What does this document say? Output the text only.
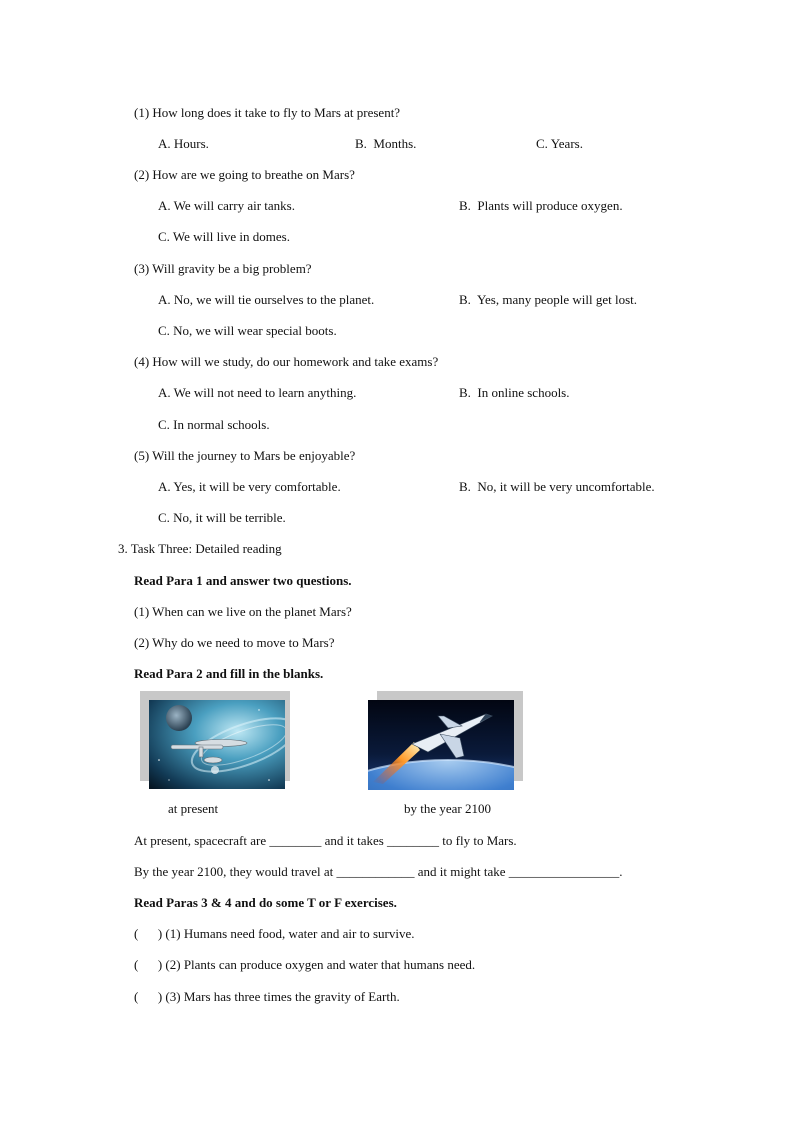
(1) How long does it take to fly to Mars at present?
A. Hours.	B.  Months.	C. Years.
(2) How are we going to breathe on Mars?
A. We will carry air tanks.	B.  Plants will produce oxygen.
C. We will live in domes.
(3) Will gravity be a big problem?
A. No, we will tie ourselves to the planet.	B.  Yes, many people will get lost.
C. No, we will wear special boots.
(4) How will we study, do our homework and take exams?
A. We will not need to learn anything.	B.  In online schools.
C. In normal schools.
(5) Will the journey to Mars be enjoyable?
A. Yes, it will be very comfortable.	B.  No, it will be very uncomfortable.
C. No, it will be terrible.
3. Task Three: Detailed reading
Read Para 1 and answer two questions.
(1) When can we live on the planet Mars?
(2) Why do we need to move to Mars?
Read Para 2 and fill in the blanks.
at present	by the year 2100
At present, spacecraft are ________ and it takes ________ to fly to Mars.
By the year 2100, they would travel at ____________ and it might take _________________.
Read Paras 3 & 4 and do some T or F exercises.
(      ) (1) Humans need food, water and air to survive.
(      ) (2) Plants can produce oxygen and water that humans need.
(      ) (3) Mars has three times the gravity of Earth.
